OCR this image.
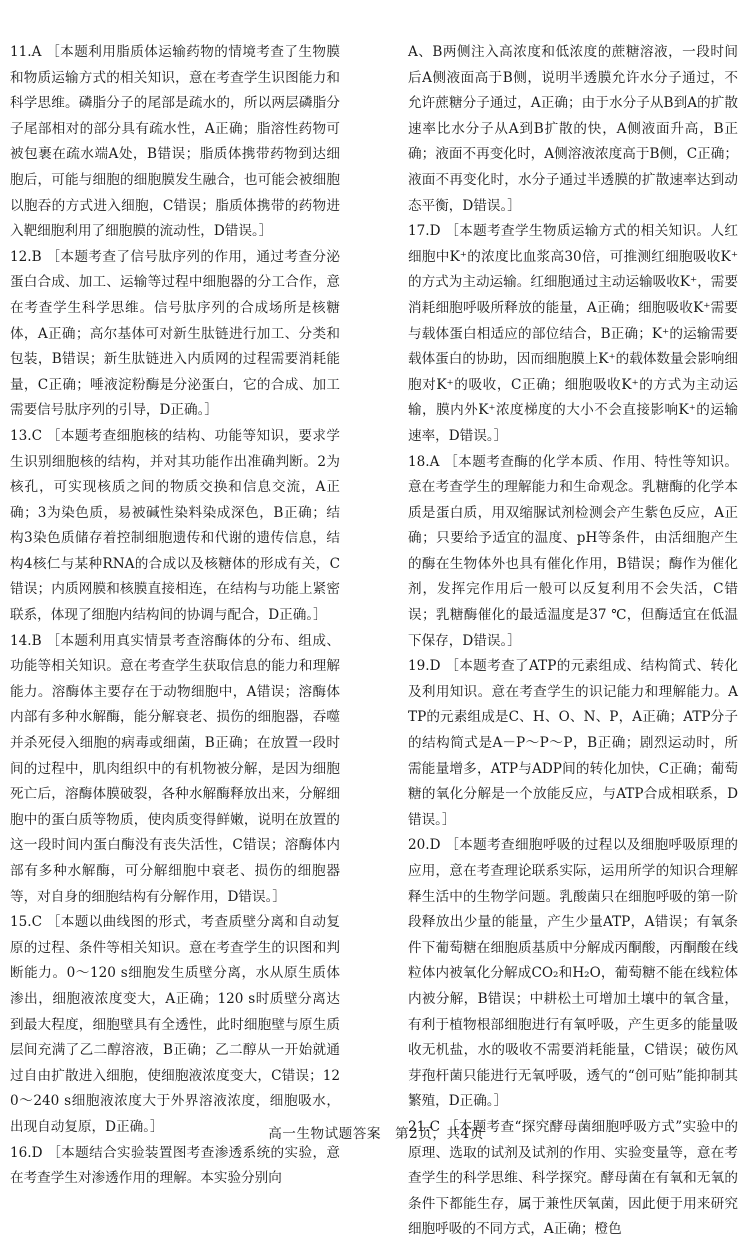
11.A ［本题利用脂质体运输药物的情境考查了生物膜和物质运输方式的相关知识，意在考查学生识图能力和科学思维。磷脂分子的尾部是疏水的，所以两层磷脂分子尾部相对的部分具有疏水性，A正确；脂溶性药物可被包裹在疏水端A处，B错误；脂质体携带药物到达细胞后，可能与细胞的细胞膜发生融合，也可能会被细胞以胞吞的方式进入细胞，C错误；脂质体携带的药物进入靶细胞利用了细胞膜的流动性，D错误。］

12.B ［本题考查了信号肽序列的作用，通过考查分泌蛋白合成、加工、运输等过程中细胞器的分工合作，意在考查学生科学思维。信号肽序列的合成场所是核糖体，A正确；高尔基体可对新生肽链进行加工、分类和包装，B错误；新生肽链进入内质网的过程需要消耗能量，C正确；唾液淀粉酶是分泌蛋白，它的合成、加工需要信号肽序列的引导，D正确。］

13.C ［本题考查细胞核的结构、功能等知识，要求学生识别细胞核的结构，并对其功能作出准确判断。2为核孔，可实现核质之间的物质交换和信息交流，A正确；3为染色质，易被碱性染料染成深色，B正确；结构3染色质储存着控制细胞遗传和代谢的遗传信息，结构4核仁与某种RNA的合成以及核糖体的形成有关，C错误；内质网膜和核膜直接相连，在结构与功能上紧密联系，体现了细胞内结构间的协调与配合，D正确。］

14.B ［本题利用真实情景考查溶酶体的分布、组成、功能等相关知识。意在考查学生获取信息的能力和理解能力。溶酶体主要存在于动物细胞中，A错误；溶酶体内部有多种水解酶，能分解衰老、损伤的细胞器，吞噬并杀死侵入细胞的病毒或细菌，B正确；在放置一段时间的过程中，肌肉组织中的有机物被分解，是因为细胞死亡后，溶酶体膜破裂，各种水解酶释放出来，分解细胞中的蛋白质等物质，使肉质变得鲜嫩，说明在放置的这一段时间内蛋白酶没有丧失活性，C错误；溶酶体内部有多种水解酶，可分解细胞中衰老、损伤的细胞器等，对自身的细胞结构有分解作用，D错误。］

15.C ［本题以曲线图的形式，考查质壁分离和自动复原的过程、条件等相关知识。意在考查学生的识图和判断能力。0～120 s细胞发生质壁分离，水从原生质体渗出，细胞液浓度变大，A正确；120 s时质壁分离达到最大程度，细胞壁具有全透性，此时细胞壁与原生质层间充满了乙二醇溶液，B正确；乙二醇从一开始就通过自由扩散进入细胞，使细胞液浓度变大，C错误；120～240 s细胞液浓度大于外界溶液浓度，细胞吸水，出现自动复原，D正确。］

16.D ［本题结合实验装置图考查渗透系统的实验，意在考查学生对渗透作用的理解。本实验分别向

A、B两侧注入高浓度和低浓度的蔗糖溶液，一段时间后A侧液面高于B侧，说明半透膜允许水分子通过，不允许蔗糖分子通过，A正确；由于水分子从B到A的扩散速率比水分子从A到B扩散的快，A侧液面升高，B正确；液面不再变化时，A侧溶液浓度高于B侧，C正确；液面不再变化时，水分子通过半透膜的扩散速率达到动态平衡，D错误。］

17.D ［本题考查学生物质运输方式的相关知识。人红细胞中K⁺的浓度比血浆高30倍，可推测红细胞吸收K⁺的方式为主动运输。红细胞通过主动运输吸收K⁺，需要消耗细胞呼吸所释放的能量，A正确；细胞吸收K⁺需要与载体蛋白相适应的部位结合，B正确；K⁺的运输需要载体蛋白的协助，因而细胞膜上K⁺的载体数量会影响细胞对K⁺的吸收，C正确；细胞吸收K⁺的方式为主动运输，膜内外K⁺浓度梯度的大小不会直接影响K⁺的运输速率，D错误。］

18.A ［本题考查酶的化学本质、作用、特性等知识。意在考查学生的理解能力和生命观念。乳糖酶的化学本质是蛋白质，用双缩脲试剂检测会产生紫色反应，A正确；只要给予适宜的温度、pH等条件，由活细胞产生的酶在生物体外也具有催化作用，B错误；酶作为催化剂，发挥完作用后一般可以反复利用不会失活，C错误；乳糖酶催化的最适温度是37 ℃，但酶适宜在低温下保存，D错误。］

19.D ［本题考查了ATP的元素组成、结构简式、转化及利用知识。意在考查学生的识记能力和理解能力。ATP的元素组成是C、H、O、N、P，A正确；ATP分子的结构简式是A－P～P～P，B正确；剧烈运动时，所需能量增多，ATP与ADP间的转化加快，C正确；葡萄糖的氧化分解是一个放能反应，与ATP合成相联系，D错误。］

20.D ［本题考查细胞呼吸的过程以及细胞呼吸原理的应用，意在考查理论联系实际，运用所学的知识合理解释生活中的生物学问题。乳酸菌只在细胞呼吸的第一阶段释放出少量的能量，产生少量ATP，A错误；有氧条件下葡萄糖在细胞质基质中分解成丙酮酸，丙酮酸在线粒体内被氧化分解成CO₂和H₂O，葡萄糖不能在线粒体内被分解，B错误；中耕松土可增加土壤中的氧含量，有利于植物根部细胞进行有氧呼吸，产生更多的能量吸收无机盐，水的吸收不需要消耗能量，C错误；破伤风芽孢杆菌只能进行无氧呼吸，透气的“创可贴”能抑制其繁殖，D正确。］

21.C ［本题考查“探究酵母菌细胞呼吸方式”实验中的原理、选取的试剂及试剂的作用、实验变量等，意在考查学生的科学思维、科学探究。酵母菌在有氧和无氧的条件下都能生存，属于兼性厌氧菌，因此便于用来研究细胞呼吸的不同方式，A正确；橙色

高一生物试题答案　第2页，共4页
